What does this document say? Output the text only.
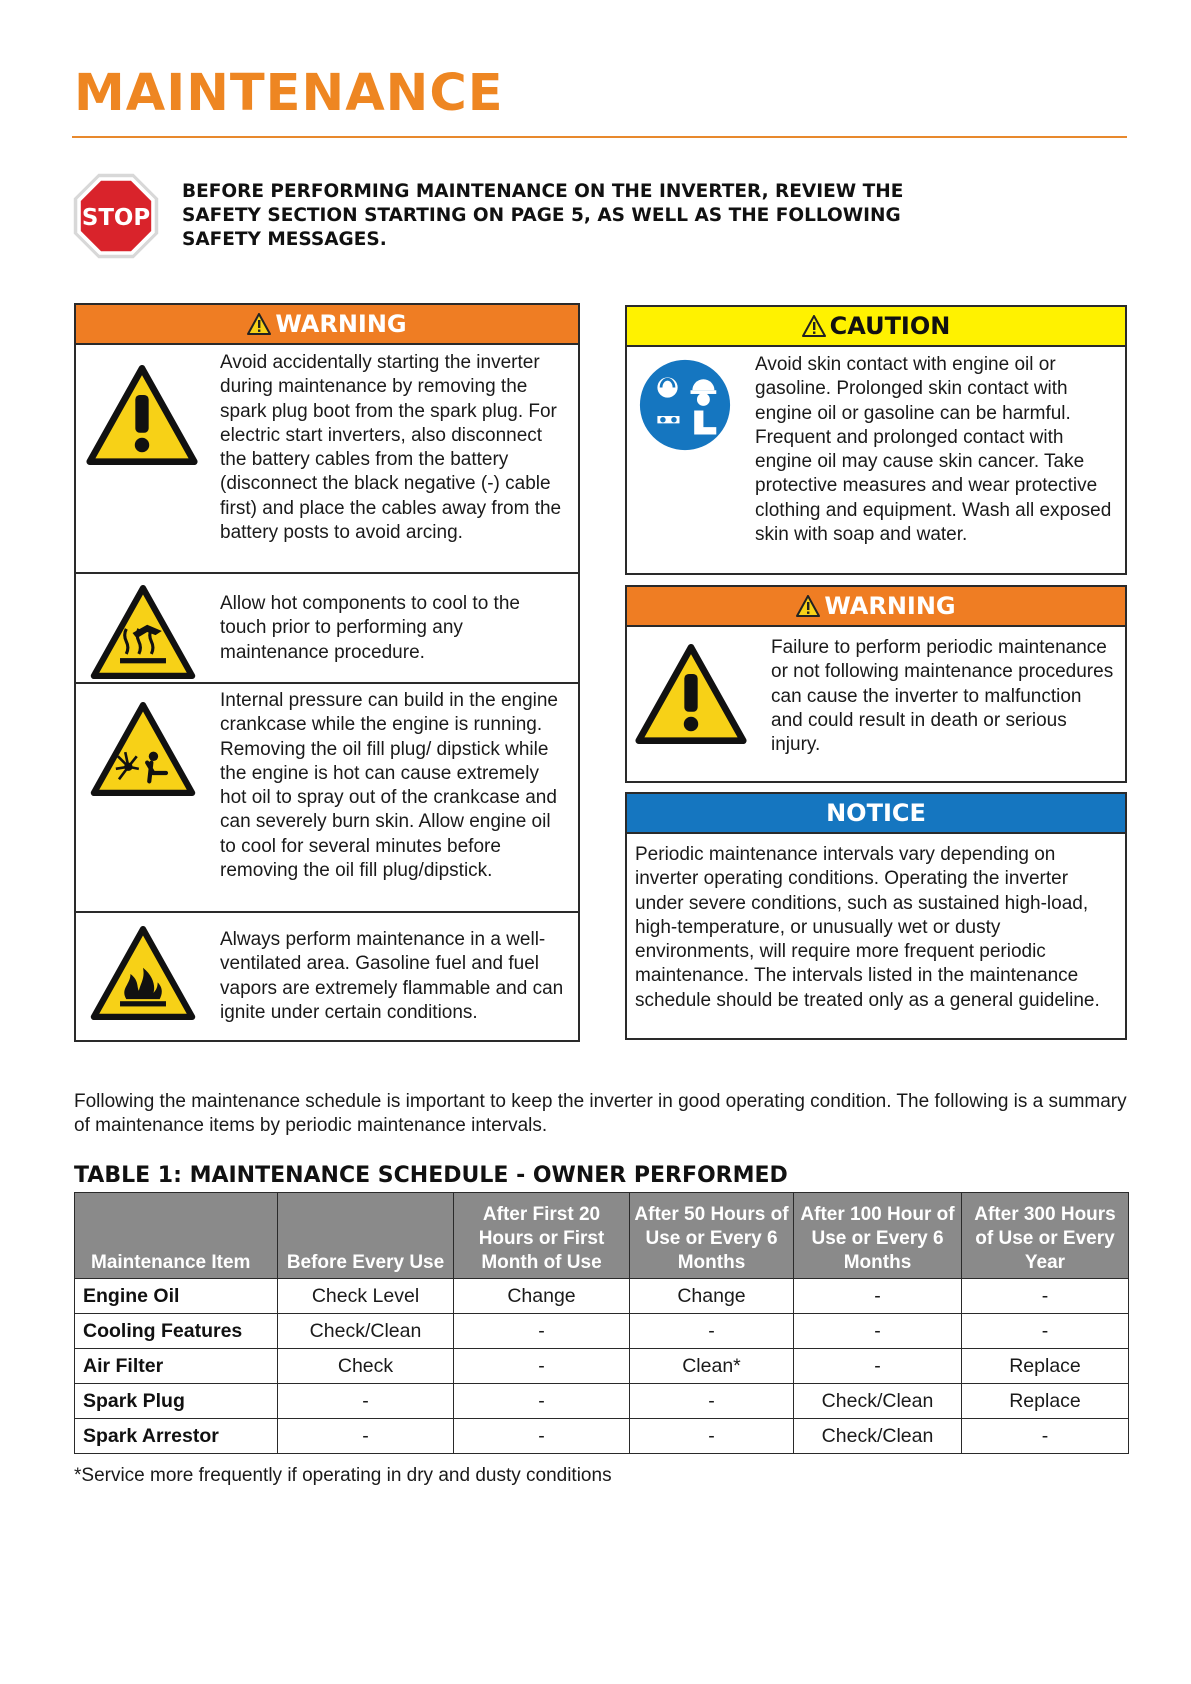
MAINTENANCE
STOP
BEFORE PERFORMING MAINTENANCE ON THE INVERTER, REVIEW THE SAFETY SECTION STARTING ON PAGE 5, AS WELL AS THE FOLLOWING SAFETY MESSAGES.
WARNING
Avoid accidentally starting the inverter during maintenance by removing the spark plug boot from the spark plug. For electric start inverters, also disconnect the battery cables from the battery (disconnect the black negative (-) cable first) and place the cables away from the battery posts to avoid arcing.
Allow hot components to cool to the touch prior to performing any maintenance procedure.
Internal pressure can build in the engine crankcase while the engine is running. Removing the oil fill plug/ dipstick while the engine is hot can cause extremely hot oil to spray out of the crankcase and can severely burn skin. Allow engine oil to cool for several minutes before removing the oil fill plug/dipstick.
Always perform maintenance in a well-ventilated area. Gasoline fuel and fuel vapors are extremely flammable and can ignite under certain conditions.
CAUTION
Avoid skin contact with engine oil or gasoline. Prolonged skin contact with engine oil or gasoline can be harmful. Frequent and prolonged contact with engine oil may cause skin cancer. Take protective measures and wear protective clothing and equipment. Wash all exposed skin with soap and water.
WARNING
Failure to perform periodic maintenance or not following maintenance procedures can cause the inverter to malfunction and could result in death or serious injury.
NOTICE
Periodic maintenance intervals vary depending on inverter operating conditions. Operating the inverter under severe conditions, such as sustained high-load, high-temperature, or unusually wet or dusty environments, will require more frequent periodic maintenance. The intervals listed in the maintenance schedule should be treated only as a general guideline.
Following the maintenance schedule is important to keep the inverter in good operating condition. The following is a summary of maintenance items by periodic maintenance intervals.
TABLE 1: MAINTENANCE SCHEDULE - OWNER PERFORMED
Maintenance Item	Before Every Use	After First 20 Hours or First Month of Use	After 50 Hours of Use or Every 6 Months	After 100 Hour of Use or Every 6 Months	After 300 Hours of Use or Every Year
Engine Oil	Check Level	Change	Change	-	-
Cooling Features	Check/Clean	-	-	-	-
Air Filter	Check	-	Clean*	-	Replace
Spark Plug	-	-	-	Check/Clean	Replace
Spark Arrestor	-	-	-	Check/Clean	-
*Service more frequently if operating in dry and dusty conditions
